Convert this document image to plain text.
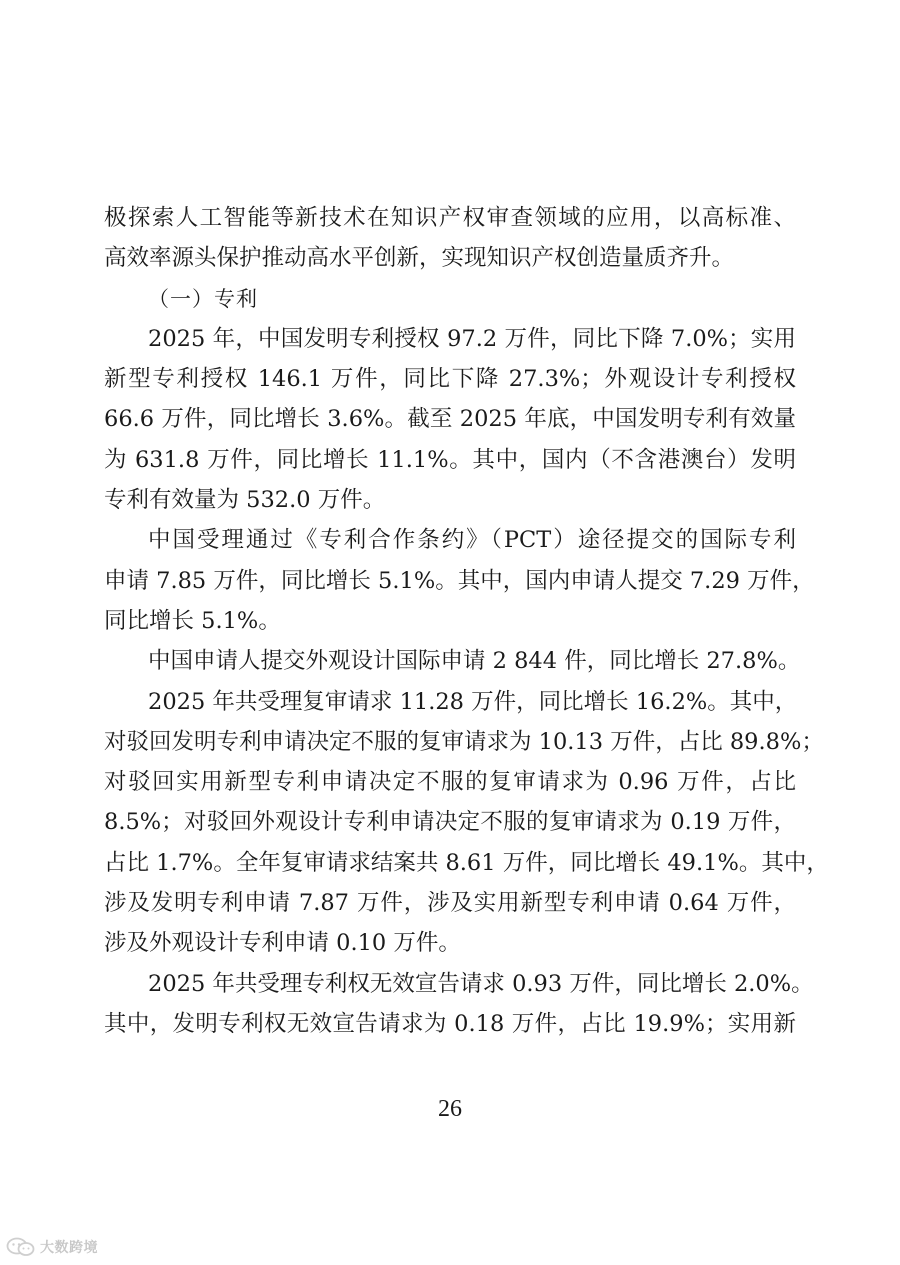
极探索人工智能等新技术在知识产权审查领域的应用，以高标准、
高效率源头保护推动高水平创新，实现知识产权创造量质齐升。
（一）专利
2025 年，中国发明专利授权 97.2 万件，同比下降 7.0%；实用
新型专利授权 146.1 万件，同比下降 27.3%；外观设计专利授权
66.6 万件，同比增长 3.6%。截至 2025 年底，中国发明专利有效量
为 631.8 万件，同比增长 11.1%。其中，国内（不含港澳台）发明
专利有效量为 532.0 万件。
中国受理通过《专利合作条约》（PCT）途径提交的国际专利
申请 7.85 万件，同比增长 5.1%。其中，国内申请人提交 7.29 万件，
同比增长 5.1%。
中国申请人提交外观设计国际申请 2 844 件，同比增长 27.8%。
2025 年共受理复审请求 11.28 万件，同比增长 16.2%。其中，
对驳回发明专利申请决定不服的复审请求为 10.13 万件，占比 89.8%；
对驳回实用新型专利申请决定不服的复审请求为 0.96 万件，占比
8.5%；对驳回外观设计专利申请决定不服的复审请求为 0.19 万件，
占比 1.7%。全年复审请求结案共 8.61 万件，同比增长 49.1%。其中，
涉及发明专利申请 7.87 万件，涉及实用新型专利申请 0.64 万件，
涉及外观设计专利申请 0.10 万件。
2025 年共受理专利权无效宣告请求 0.93 万件，同比增长 2.0%。
其中，发明专利权无效宣告请求为 0.18 万件，占比 19.9%；实用新
26
大数跨境
